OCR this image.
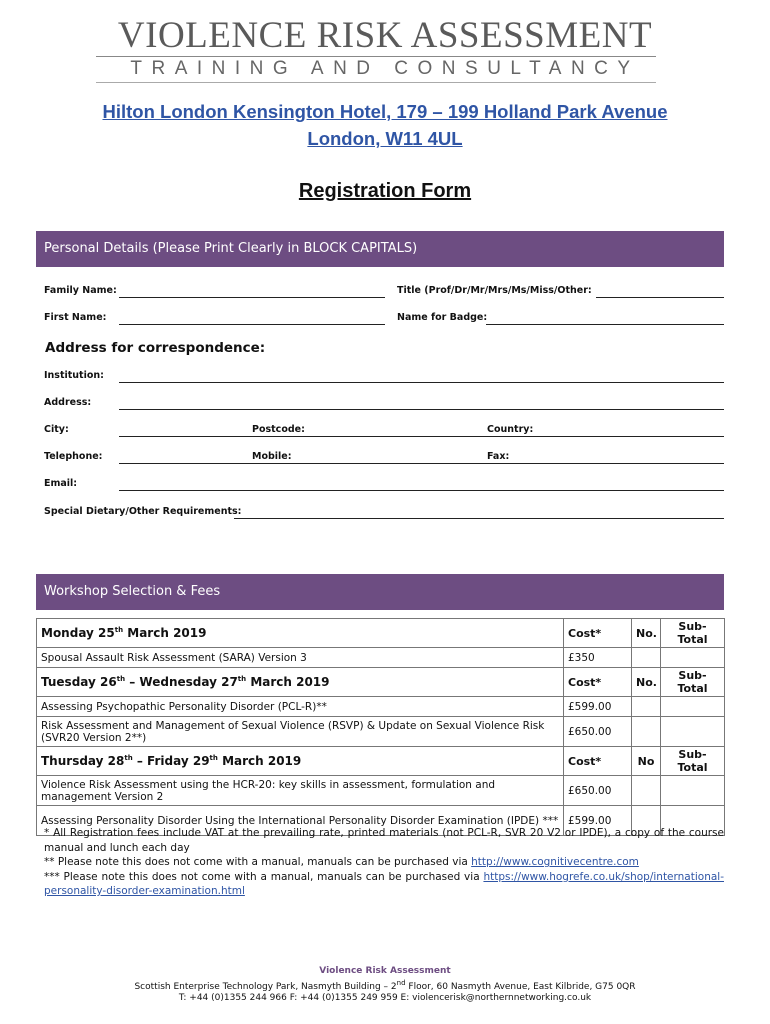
VIOLENCE RISK ASSESSMENT
TRAINING AND CONSULTANCY
Hilton London Kensington Hotel, 179 – 199 Holland Park Avenue
London, W11 4UL
Registration Form
Personal Details (Please Print Clearly in BLOCK CAPITALS)
Family Name:	Title (Prof/Dr/Mr/Mrs/Ms/Miss/Other:
First Name:	Name for Badge:
Address for correspondence:
Institution:
Address:
City:	Postcode:	Country:
Telephone:	Mobile:	Fax:
Email:
Special Dietary/Other Requirements:
Workshop Selection & Fees
Monday 25th March 2019	Cost*	No.	Sub-Total
Spousal Assault Risk Assessment (SARA) Version 3	£350		
Tuesday 26th – Wednesday 27th March 2019	Cost*	No.	Sub-Total
Assessing Psychopathic Personality Disorder (PCL-R)**	£599.00		
Risk Assessment and Management of Sexual Violence (RSVP) & Update on Sexual Violence Risk (SVR20 Version 2**)	£650.00		
Thursday 28th – Friday 29th March 2019	Cost*	No	Sub-Total
Violence Risk Assessment using the HCR-20: key skills in assessment, formulation and management Version 2	£650.00		
Assessing Personality Disorder Using the International Personality Disorder Examination (IPDE) ***	£599.00		
* All Registration fees include VAT at the prevailing rate, printed materials (not PCL-R, SVR 20 V2 or IPDE), a copy of the course manual and lunch each day
** Please note this does not come with a manual, manuals can be purchased via http://www.cognitivecentre.com
*** Please note this does not come with a manual, manuals can be purchased via https://www.hogrefe.co.uk/shop/international-personality-disorder-examination.html
Violence Risk Assessment
Scottish Enterprise Technology Park, Nasmyth Building – 2nd Floor, 60 Nasmyth Avenue, East Kilbride, G75 0QR
T: +44 (0)1355 244 966 F: +44 (0)1355 249 959 E: violencerisk@northernnetworking.co.uk
